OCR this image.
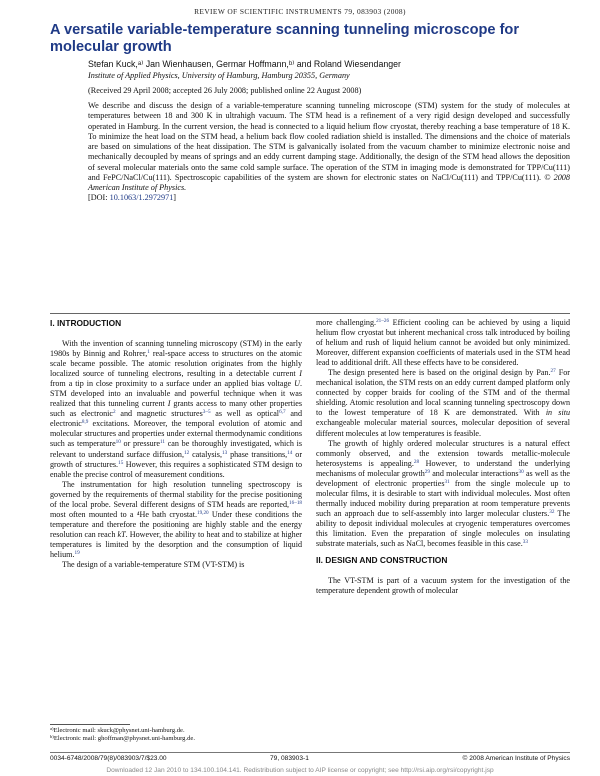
REVIEW OF SCIENTIFIC INSTRUMENTS 79, 083903 (2008)
A versatile variable-temperature scanning tunneling microscope for molecular growth
Stefan Kuck,ᵃ⁾ Jan Wienhausen, Germar Hoffmann,ᵇ⁾ and Roland Wiesendanger
Institute of Applied Physics, University of Hamburg, Hamburg 20355, Germany
(Received 29 April 2008; accepted 26 July 2008; published online 22 August 2008)
We describe and discuss the design of a variable-temperature scanning tunneling microscope (STM) system for the study of molecules at temperatures between 18 and 300 K in ultrahigh vacuum. The STM head is a refinement of a very rigid design developed and successfully operated in Hamburg. In the current version, the head is connected to a liquid helium flow cryostat, thereby reaching a base temperature of 18 K. To minimize the heat load on the STM head, a helium back flow cooled radiation shield is installed. The dimensions and the choice of materials are based on simulations of the heat dissipation. The STM is galvanically isolated from the vacuum chamber to minimize electronic noise and mechanically decoupled by means of springs and an eddy current damping stage. Additionally, the design of the STM head allows the deposition of several molecular materials onto the same cold sample surface. The operation of the STM in imaging mode is demonstrated for TPP/Cu(111) and FePC/NaCl/Cu(111). Spectroscopic capabilities of the system are shown for electronic states on NaCl/Cu(111) and TPP/Cu(111). © 2008 American Institute of Physics.
[DOI: 10.1063/1.2972971]
I. INTRODUCTION

With the invention of scanning tunneling microscopy (STM) in the early 1980s by Binnig and Rohrer,$^1$ real-space access to structures on the atomic scale became possible. The atomic resolution originates from the highly localized source of tunneling electrons, resulting in a detectable current I from a tip in close proximity to a surface under an applied bias voltage U. STM developed into an invaluable and powerful technique when it was realized that this tunneling current I grants access to many other properties such as electronic$^2$ and magnetic structures$^{3-5}$ as well as optical$^{6,7}$ and electronic$^{8,9}$ excitations. Moreover, the temporal evolution of atomic and molecular structures and properties under external thermodynamic conditions such as temperature$^{10}$ or pressure$^{11}$ can be thoroughly investigated, which is relevant to understand surface diffusion,$^{12}$ catalysis,$^{13}$ phase transitions,$^{14}$ or growth of structures.$^{15}$ However, this requires a sophisticated STM design to enable the precise control of measurement conditions.

The instrumentation for high resolution tunneling spectroscopy is governed by the requirements of thermal stability for the precise positioning of the local probe. Several different designs of STM heads are reported,$^{16-18}$ most often mounted to a ⁴He bath cryostat.$^{19,20}$ Under these conditions the temperature and therefore the positioning are highly stable and the energy resolution can reach kT. However, the ability to heat and to stabilize at higher temperatures is limited by the desorption and the consumption of liquid helium.$^{19}$

The design of a variable-temperature STM (VT-STM) is

more challenging.$^{21-26}$ Efficient cooling can be achieved by using a liquid helium flow cryostat but inherent mechanical cross talk introduced by boiling of helium and rush of liquid helium cannot be avoided but only minimized. Moreover, different expansion coefficients of materials used in the STM head lead to additional drift. All these effects have to be considered.

The design presented here is based on the original design by Pan.$^{27}$ For mechanical isolation, the STM rests on an eddy current damped platform only connected by copper braids for cooling of the STM and of the thermal shielding. Atomic resolution and local scanning tunneling spectroscopy down to the lowest temperature of 18 K are demonstrated. With in situ exchangeable molecular material sources, molecular deposition of several different molecules at low temperatures is feasible.

The growth of highly ordered molecular structures is a natural effect commonly observed, and the extension towards metallic-molecule heterosystems is appealing.$^{28}$ However, to understand the underlying mechanisms of molecular growth$^{29}$ and molecular interactions$^{30}$ as well as the development of electronic properties$^{31}$ from the single molecule up to molecular films, it is desirable to start with individual molecules. Most often thermally induced mobility during preparation at room temperature prevents such an approach due to self-assembly into larger molecular clusters.$^{32}$ The ability to deposit individual molecules at cryogenic temperatures overcomes this limitation. Even the preparation of single molecules on insulating substrate materials, such as NaCl, becomes feasible in this case.$^{33}$

II. DESIGN AND CONSTRUCTION

The VT-STM is part of a vacuum system for the investigation of the temperature dependent growth of molecular

$^{a)}$Electronic mail: skuck@physnet.uni-hamburg.de.
$^{b)}$Electronic mail: ghoffman@physnet.uni-hamburg.de.
0034-6748/2008/79(8)/083903/7/$23.00	79, 083903-1	© 2008 American Institute of Physics
Downloaded 12 Jan 2010 to 134.100.104.141. Redistribution subject to AIP license or copyright; see http://rsi.aip.org/rsi/copyright.jsp
